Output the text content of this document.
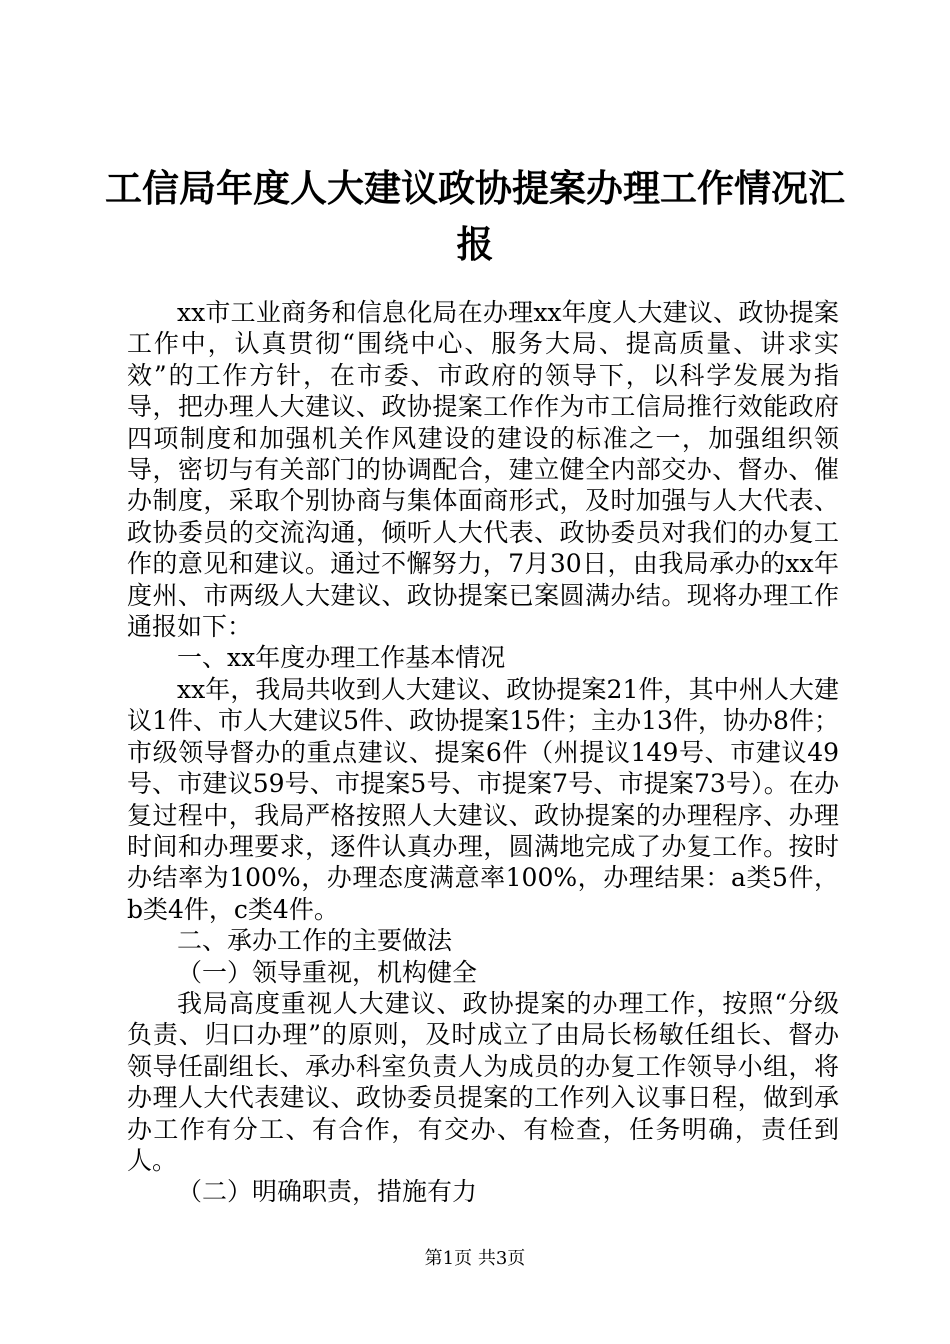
工信局年度人大建议政协提案办理工作情况汇报

xx市工业商务和信息化局在办理xx年度人大建议、政协提案工作中，认真贯彻“围绕中心、服务大局、提高质量、讲求实效”的工作方针，在市委、市政府的领导下，以科学发展为指导，把办理人大建议、政协提案工作作为市工信局推行效能政府四项制度和加强机关作风建设的建设的标准之一，加强组织领导，密切与有关部门的协调配合，建立健全内部交办、督办、催办制度，采取个别协商与集体面商形式，及时加强与人大代表、政协委员的交流沟通，倾听人大代表、政协委员对我们的办复工作的意见和建议。通过不懈努力，7月30日，由我局承办的xx年度州、市两级人大建议、政协提案已案圆满办结。现将办理工作通报如下：

一、xx年度办理工作基本情况

xx年，我局共收到人大建议、政协提案21件，其中州人大建议1件、市人大建议5件、政协提案15件；主办13件，协办8件；市级领导督办的重点建议、提案6件（州提议149号、市建议49号、市建议59号、市提案5号、市提案7号、市提案73号）。在办复过程中，我局严格按照人大建议、政协提案的办理程序、办理时间和办理要求，逐件认真办理，圆满地完成了办复工作。按时办结率为100%，办理态度满意率100%，办理结果：a类5件，b类4件，c类4件。

二、承办工作的主要做法

（一）领导重视，机构健全

我局高度重视人大建议、政协提案的办理工作，按照“分级负责、归口办理”的原则，及时成立了由局长杨敏任组长、督办领导任副组长、承办科室负责人为成员的办复工作领导小组，将办理人大代表建议、政协委员提案的工作列入议事日程，做到承办工作有分工、有合作，有交办、有检查，任务明确，责任到人。

（二）明确职责，措施有力

第1页 共3页
